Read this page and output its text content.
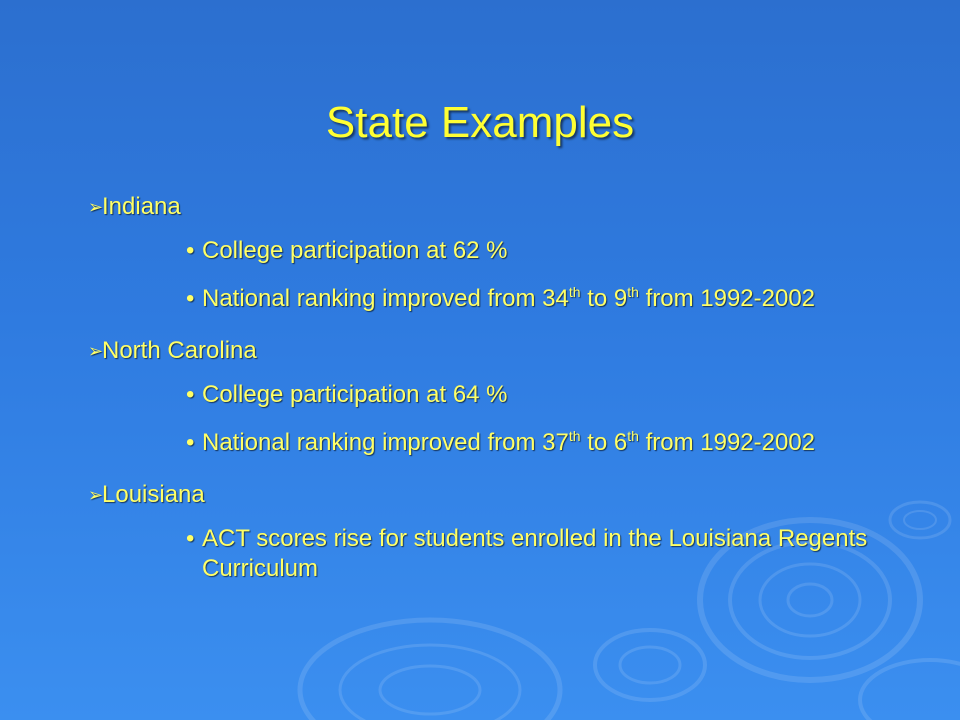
State Examples
➢
Indiana
• College participation at 62 %
• National ranking improved from 34th to 9th from 1992-2002
➢
North Carolina
• College participation at 64 %
• National ranking improved from 37th to 6th from 1992-2002
➢
Louisiana
• ACT scores rise for students enrolled in the Louisiana Regents Curriculum
